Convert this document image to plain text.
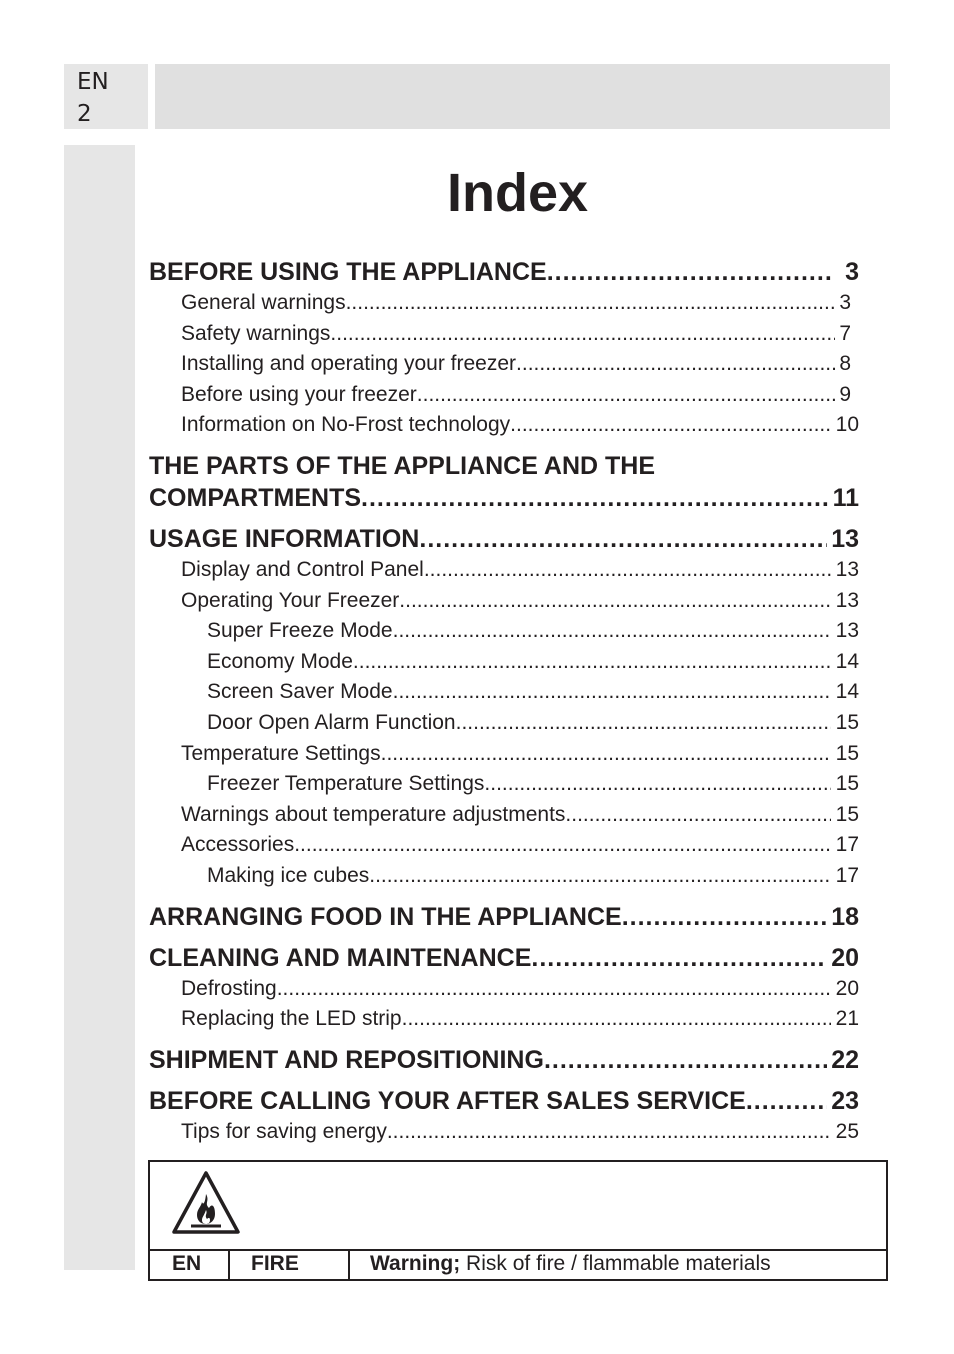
EN
2
Index
BEFORE USING THE APPLIANCE .....	3
General warnings .....	3
Safety warnings .....	7
Installing and operating your freezer .....	8
Before using your freezer .....	9
Information on No-Frost technology .....	10
THE PARTS OF THE APPLIANCE AND THE
COMPARTMENTS .....	11
USAGE INFORMATION .....	13
Display and Control Panel .....	13
Operating Your Freezer .....	13
Super Freeze Mode .....	13
Economy Mode .....	14
Screen Saver Mode .....	14
Door Open Alarm Function .....	15
Temperature Settings .....	15
Freezer Temperature Settings .....	15
Warnings about temperature adjustments .....	15
Accessories .....	17
Making ice cubes .....	17
ARRANGING FOOD IN THE APPLIANCE .....	18
CLEANING AND MAINTENANCE .....	20
Defrosting .....	20
Replacing the LED strip .....	21
SHIPMENT AND REPOSITIONING .....	22
BEFORE CALLING YOUR AFTER SALES SERVICE .....	23
Tips for saving energy .....	25
EN	FIRE	Warning; Risk of fire / flammable materials
